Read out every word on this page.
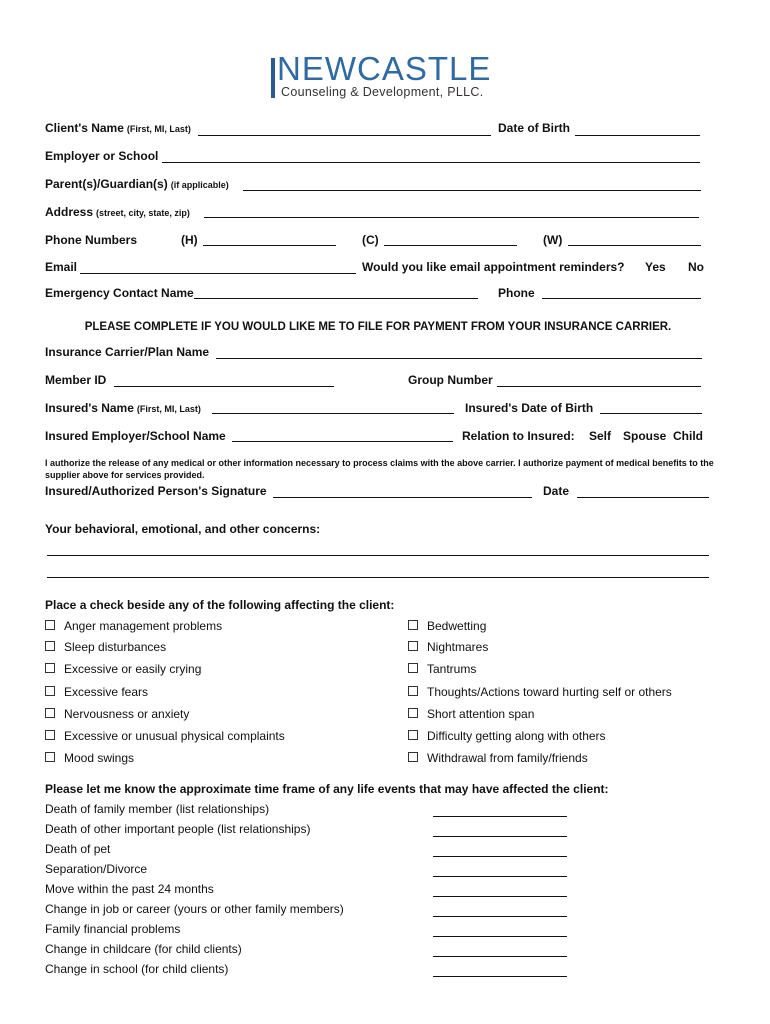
NEWCASTLE
Counseling & Development, PLLC.
Client's Name (First, MI, Last)	Date of Birth
Employer or School
Parent(s)/Guardian(s) (if applicable)
Address (street, city, state, zip)
Phone Numbers	(H)	(C)	(W)
Email	Would you like email appointment reminders? Yes No
Emergency Contact Name	Phone
PLEASE COMPLETE IF YOU WOULD LIKE ME TO FILE FOR PAYMENT FROM YOUR INSURANCE CARRIER.
Insurance Carrier/Plan Name
Member ID	Group Number
Insured's Name (First, MI, Last)	Insured's Date of Birth
Insured Employer/School Name	Relation to Insured: Self Spouse Child
I authorize the release of any medical or other information necessary to process claims with the above carrier. I authorize payment of medical benefits to the supplier above for services provided.
Insured/Authorized Person's Signature	Date
Your behavioral, emotional, and other concerns:
Place a check beside any of the following affecting the client:
Anger management problems
Sleep disturbances
Excessive or easily crying
Excessive fears
Nervousness or anxiety
Excessive or unusual physical complaints
Mood swings
Bedwetting
Nightmares
Tantrums
Thoughts/Actions toward hurting self or others
Short attention span
Difficulty getting along with others
Withdrawal from family/friends
Please let me know the approximate time frame of any life events that may have affected the client:
Death of family member (list relationships)
Death of other important people (list relationships)
Death of pet
Separation/Divorce
Move within the past 24 months
Change in job or career (yours or other family members)
Family financial problems
Change in childcare (for child clients)
Change in school (for child clients)
